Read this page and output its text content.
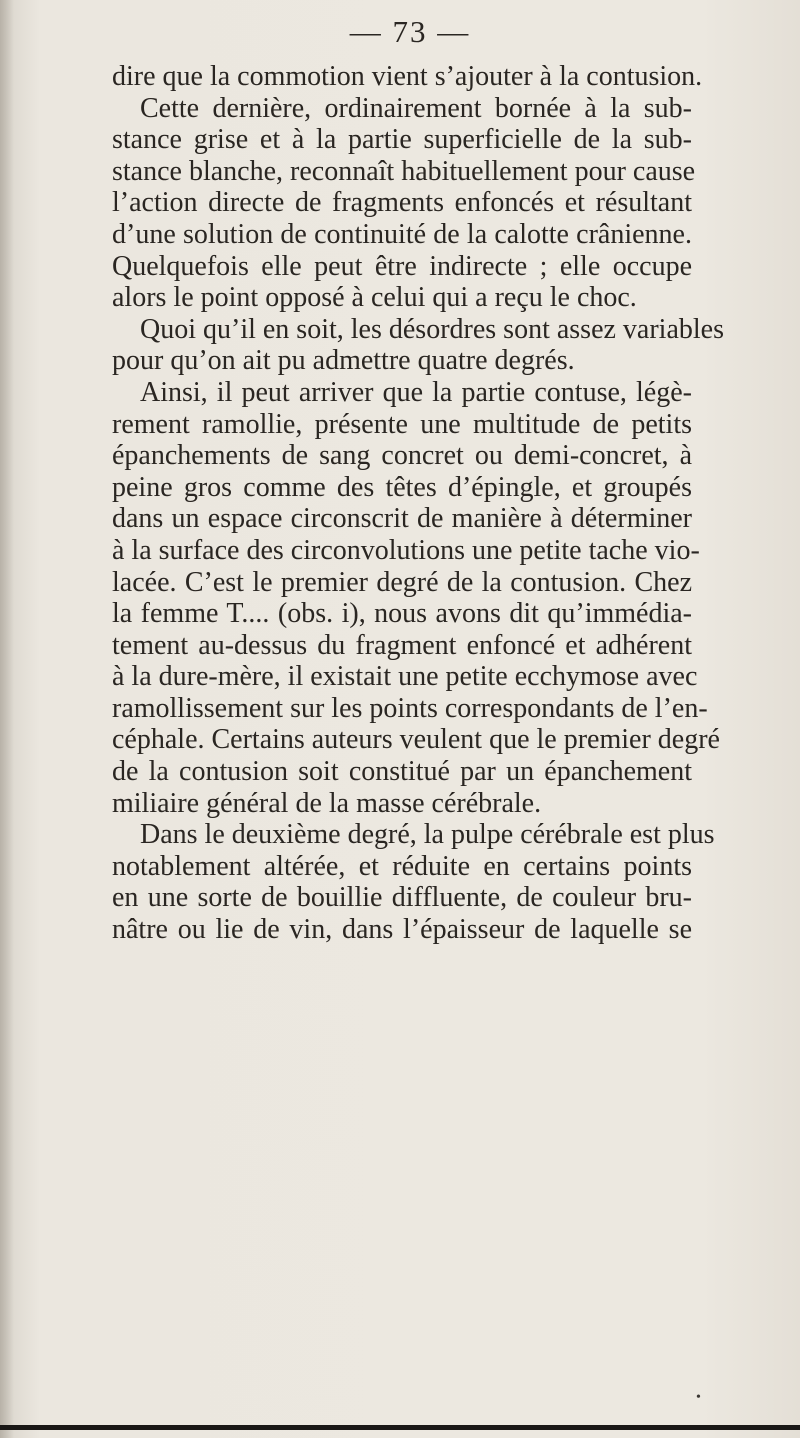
— 73 —
dire que la commotion vient s’ajouter à la contusion.
Cette dernière, ordinairement bornée à la sub-
stance grise et à la partie superficielle de la sub-
stance blanche, reconnaît habituellement pour cause
l’action directe de fragments enfoncés et résultant
d’une solution de continuité de la calotte crânienne.
Quelquefois elle peut être indirecte ; elle occupe
alors le point opposé à celui qui a reçu le choc.
Quoi qu’il en soit, les désordres sont assez variables
pour qu’on ait pu admettre quatre degrés.
Ainsi, il peut arriver que la partie contuse, légè-
rement ramollie, présente une multitude de petits
épanchements de sang concret ou demi-concret, à
peine gros comme des têtes d’épingle, et groupés
dans un espace circonscrit de manière à déterminer
à la surface des circonvolutions une petite tache vio-
lacée. C’est le premier degré de la contusion. Chez
la femme T.... (obs. i), nous avons dit qu’immédia-
tement au-dessus du fragment enfoncé et adhérent
à la dure-mère, il existait une petite ecchymose avec
ramollissement sur les points correspondants de l’en-
céphale. Certains auteurs veulent que le premier degré
de la contusion soit constitué par un épanchement
miliaire général de la masse cérébrale.
Dans le deuxième degré, la pulpe cérébrale est plus
notablement altérée, et réduite en certains points
en une sorte de bouillie diffluente, de couleur bru-
nâtre ou lie de vin, dans l’épaisseur de laquelle se
•
